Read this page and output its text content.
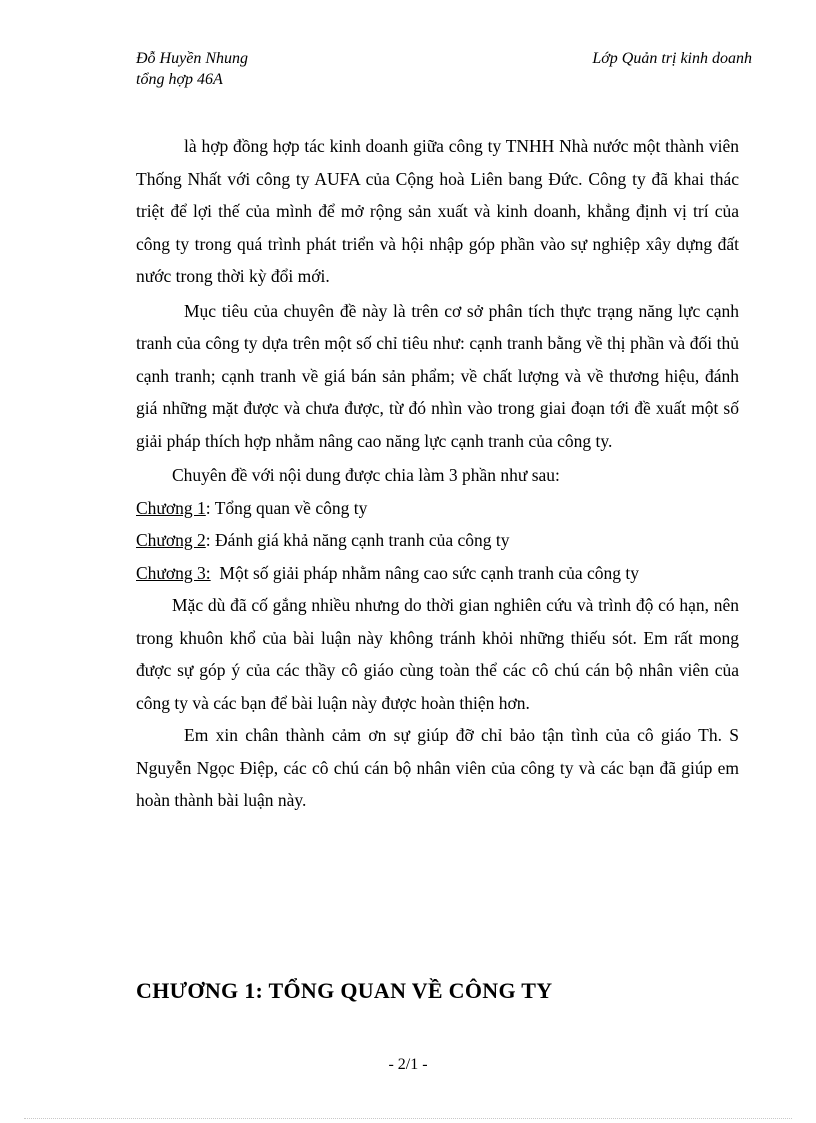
Đỗ Huyền Nhung
tổng hợp 46A
Lớp Quản trị kinh doanh

là hợp đồng hợp tác kinh doanh giữa công ty TNHH Nhà nước một thành viên Thống Nhất với công ty AUFA của Cộng hoà Liên bang Đức. Công ty đã khai thác triệt để lợi thế của mình để mở rộng sản xuất và kinh doanh, khẳng định vị trí của công ty trong quá trình phát triển và hội nhập góp phần vào sự nghiệp xây dựng đất nước trong thời kỳ đổi mới.

Mục tiêu của chuyên đề này là trên cơ sở phân tích thực trạng năng lực cạnh tranh của công ty dựa trên một số chỉ tiêu như: cạnh tranh bằng về thị phần và đối thủ cạnh tranh; cạnh tranh về giá bán sản phẩm; về chất lượng và về thương hiệu, đánh giá những mặt được và chưa được, từ đó nhìn vào trong giai đoạn tới đề xuất một số giải pháp thích hợp nhằm nâng cao năng lực cạnh tranh của công ty.

Chuyên đề với nội dung được chia làm 3 phần như sau:

Chương 1: Tổng quan về công ty

Chương 2: Đánh giá khả năng cạnh tranh của công ty

Chương 3: Một số giải pháp nhằm nâng cao sức cạnh tranh của công ty

Mặc dù đã cố gắng nhiều nhưng do thời gian nghiên cứu và trình độ có hạn, nên trong khuôn khổ của bài luận này không tránh khỏi những thiếu sót. Em rất mong được sự góp ý của các thầy cô giáo cùng toàn thể các cô chú cán bộ nhân viên của công ty và các bạn để bài luận này được hoàn thiện hơn.

Em xin chân thành cảm ơn sự giúp đỡ chỉ bảo tận tình của cô giáo Th. S Nguyễn Ngọc Điệp, các cô chú cán bộ nhân viên của công ty và các bạn đã giúp em hoàn thành bài luận này.

CHƯƠNG 1: TỔNG QUAN VỀ CÔNG TY
- 2/1 -
